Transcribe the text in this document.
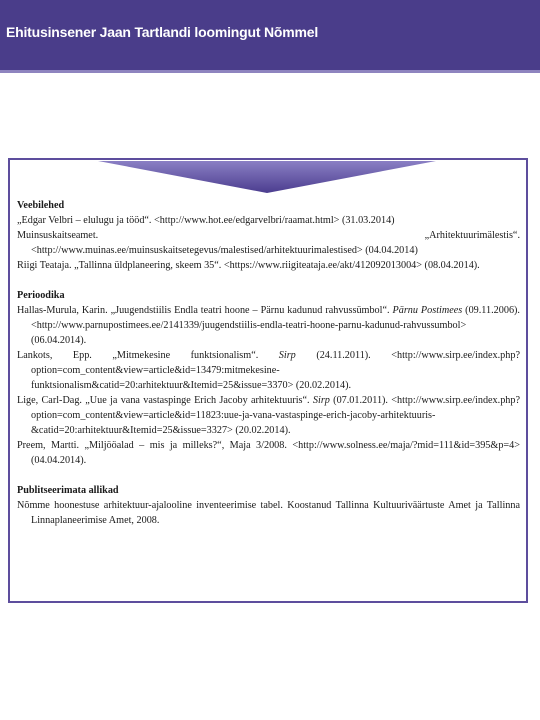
Ehitusinsener Jaan Tartlandi loomingut Nõmmel

Veebilehed

„Edgar Velbri – elulugu ja tööd“. <http://www.hot.ee/edgarvelbri/raamat.html> (31.03.2014)

Muinsuskaitseamet. „Arhitektuurimälestis“. <http://www.muinas.ee/muinsuskaitsetegevus/malestised/arhitektuurimalestised> (04.04.2014)

Riigi Teataja. „Tallinna üldplaneering, skeem 35“. <https://www.riigiteataja.ee/akt/412092013004> (08.04.2014).

Perioodika

Hallas-Murula, Karin. „Juugendstiilis Endla teatri hoone – Pärnu kadunud rahvussümbol“. Pärnu Postimees (09.11.2006). <http://www.parnupostimees.ee/2141339/juugendstiilis-endla-teatri-hoone-parnu-kadunud-rahvussumbol> (06.04.2014).

Lankots, Epp. „Mitmekesine funktsionalism“. Sirp (24.11.2011). <http://www.sirp.ee/index.php?option=com_content&view=article&id=13479:mitmekesine-funktsionalism&catid=20:arhitektuur&Itemid=25&issue=3370> (20.02.2014).

Lige, Carl-Dag. „Uue ja vana vastaspinge Erich Jacoby arhitektuuris“. Sirp (07.01.2011). <http://www.sirp.ee/index.php?option=com_content&view=article&id=11823:uue-ja-vana-vastaspinge-erich-jacoby-arhitektuuris-&catid=20:arhitektuur&Itemid=25&issue=3327> (20.02.2014).

Preem, Martti. „Miljööalad – mis ja milleks?“, Maja 3/2008. <http://www.solness.ee/maja/?mid=111&id=395&p=4> (04.04.2014).

Publitseerimata allikad

Nõmme hoonestuse arhitektuur-ajalooline inventeerimise tabel. Koostanud Tallinna Kultuuriväärtuste Amet ja Tallinna Linnaplaneerimise Amet, 2008.
